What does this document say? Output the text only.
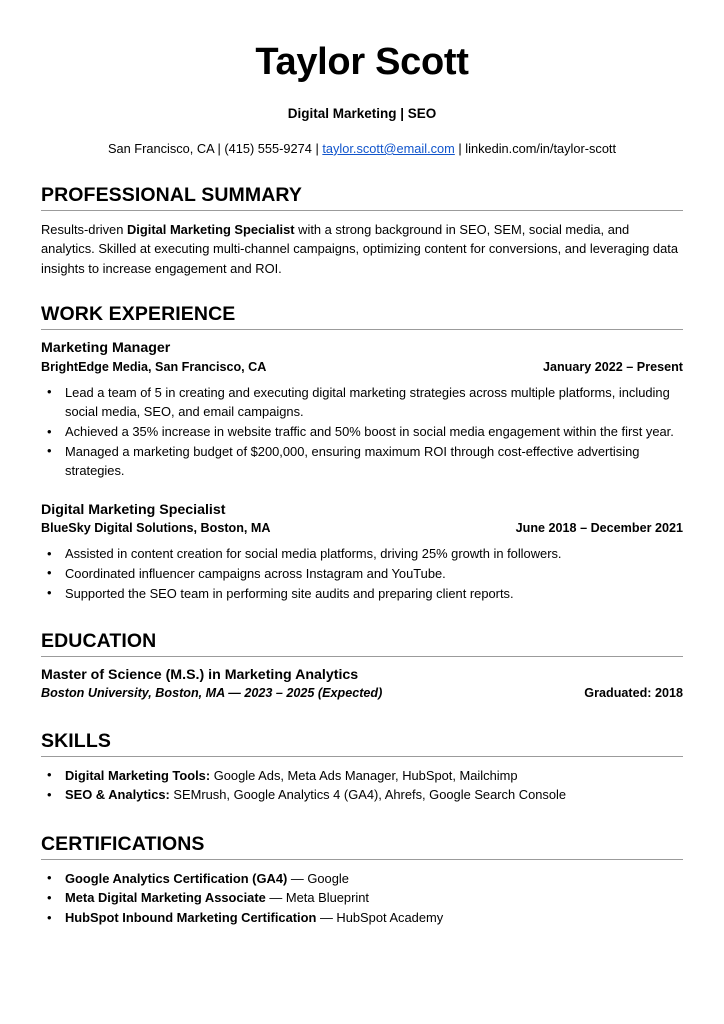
Taylor Scott
Digital Marketing | SEO
San Francisco, CA | (415) 555-9274 | taylor.scott@email.com | linkedin.com/in/taylor-scott
PROFESSIONAL SUMMARY

Results-driven Digital Marketing Specialist with a strong background in SEO, SEM, social media, and analytics. Skilled at executing multi-channel campaigns, optimizing content for conversions, and leveraging data insights to increase engagement and ROI.

WORK EXPERIENCE
Marketing Manager
BrightEdge Media, San Francisco, CA	January 2022 – Present
• Lead a team of 5 in creating and executing digital marketing strategies across multiple platforms, including social media, SEO, and email campaigns.
• Achieved a 35% increase in website traffic and 50% boost in social media engagement within the first year.
• Managed a marketing budget of $200,000, ensuring maximum ROI through cost-effective advertising strategies.
Digital Marketing Specialist
BlueSky Digital Solutions, Boston, MA	June 2018 – December 2021
• Assisted in content creation for social media platforms, driving 25% growth in followers.
• Coordinated influencer campaigns across Instagram and YouTube.
• Supported the SEO team in performing site audits and preparing client reports.
EDUCATION
Master of Science (M.S.) in Marketing Analytics
Boston University, Boston, MA — 2023 – 2025 (Expected)	Graduated: 2018
SKILLS
• Digital Marketing Tools: Google Ads, Meta Ads Manager, HubSpot, Mailchimp
• SEO & Analytics: SEMrush, Google Analytics 4 (GA4), Ahrefs, Google Search Console
CERTIFICATIONS
• Google Analytics Certification (GA4) — Google
• Meta Digital Marketing Associate — Meta Blueprint
• HubSpot Inbound Marketing Certification — HubSpot Academy
